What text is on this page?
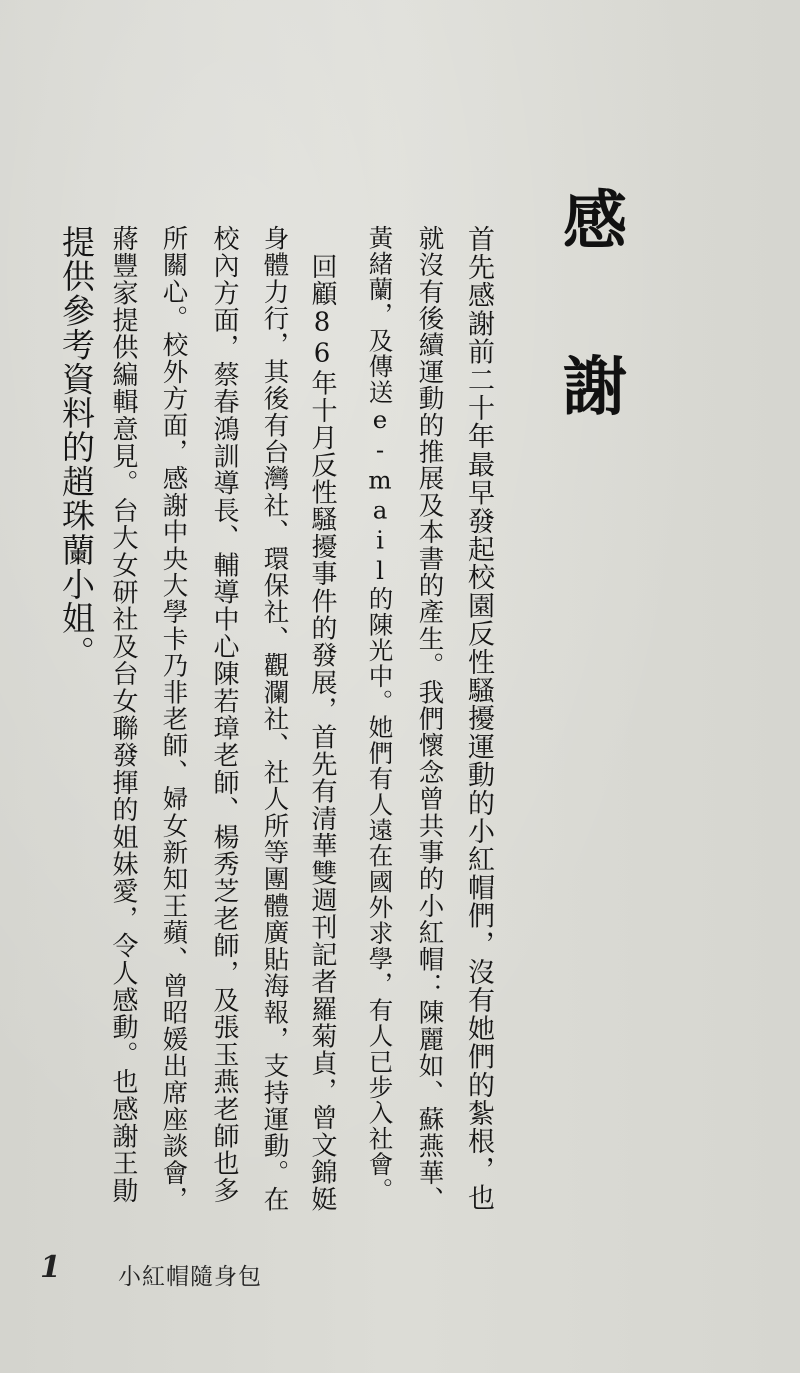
感
謝
首先感謝前二十年最早發起校園反性騷擾運動的小紅帽們，沒有她們的紮根，也
就沒有後續運動的推展及本書的產生。我們懷念曾共事的小紅帽：陳麗如、蘇燕華、
黃緒蘭，及傳送e-mail的陳光中。她們有人遠在國外求學，有人已步入社會。
回顧86年十月反性騷擾事件的發展，首先有清華雙週刊記者羅菊貞，曾文錦娗
身體力行，其後有台灣社、環保社、觀瀾社、社人所等團體廣貼海報，支持運動。在
校內方面，蔡春鴻訓導長、輔導中心陳若璋老師、楊秀芝老師，及張玉燕老師也多
所關心。校外方面，感謝中央大學卡乃非老師、婦女新知王蘋、曾昭媛出席座談會，
蔣豐家提供編輯意見。台大女研社及台女聯發揮的姐妹愛，令人感動。也感謝王勛
提供參考資料的趙珠蘭小姐。
小紅帽隨身包
1
